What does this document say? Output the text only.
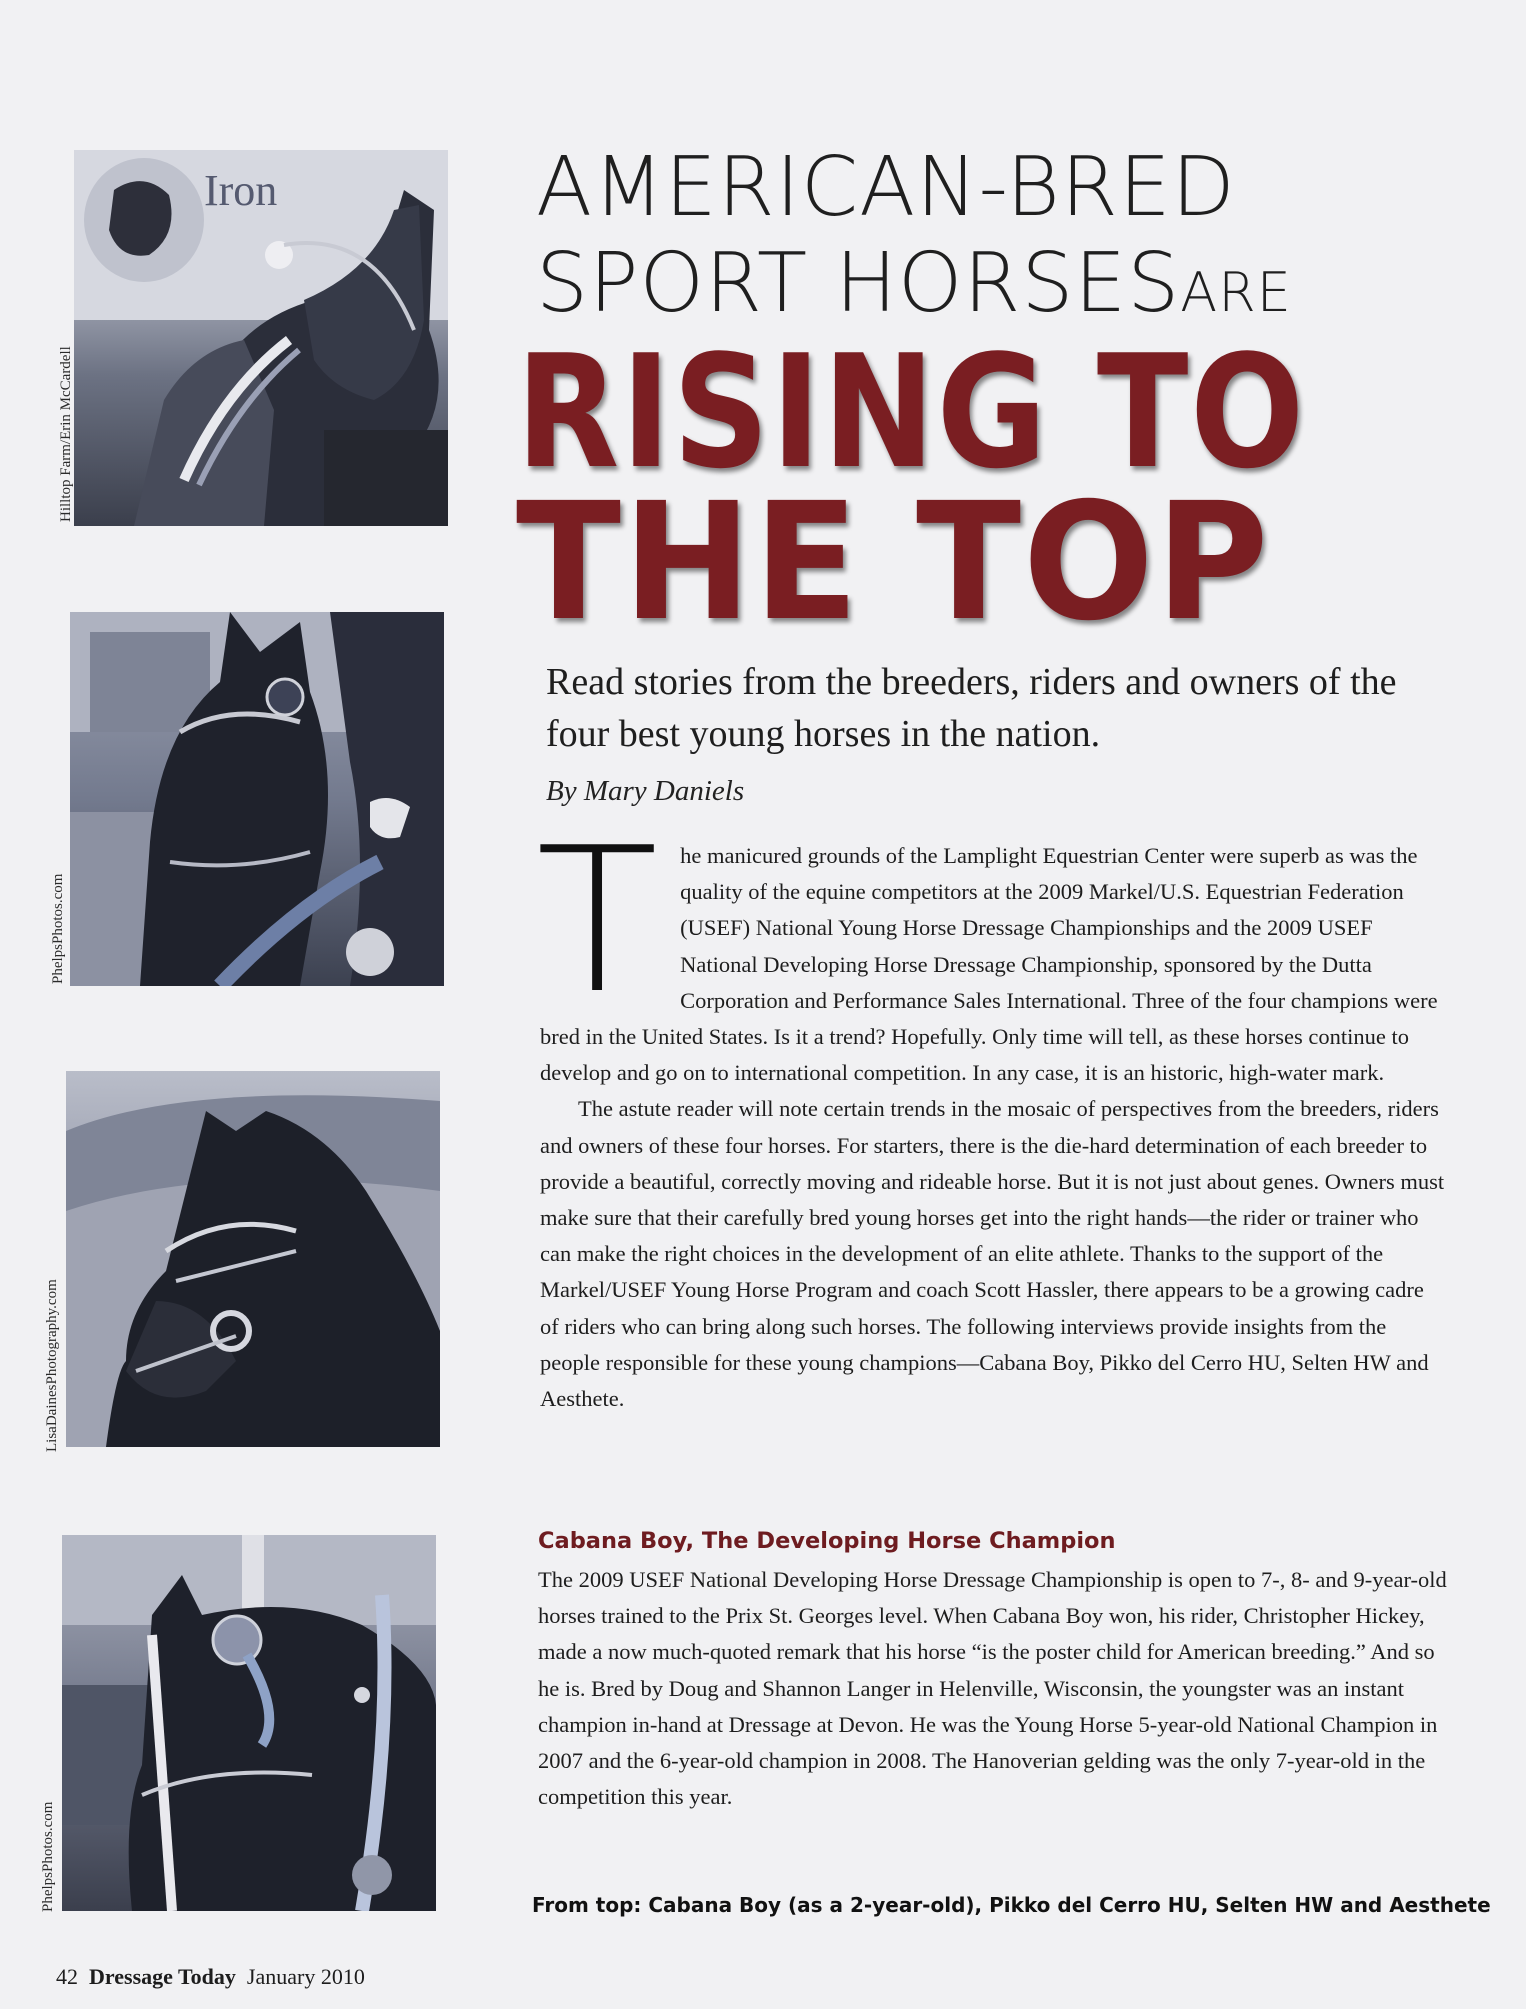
Iron
Hilltop Farm/Erin McCardell
PhelpsPhotos.com
LisaDainesPhotography.com
PhelpsPhotos.com
AMERICAN-BRED
SPORT HORSESARE
RISING TO
THE TOP
Read stories from the breeders, riders and owners of the four best young horses in the nation.
By Mary Daniels

The manicured grounds of the Lamplight Equestrian Center were superb as was the quality of the equine competitors at the 2009 Markel/U.S. Equestrian Federation (USEF) National Young Horse Dressage Championships and the 2009 USEF National Developing Horse Dressage Championship, sponsored by the Dutta Corporation and Performance Sales International. Three of the four champions were bred in the United States. Is it a trend? Hopefully. Only time will tell, as these horses continue to develop and go on to international competition. In any case, it is an historic, high-water mark.

The astute reader will note certain trends in the mosaic of perspectives from the breeders, riders and owners of these four horses. For starters, there is the die-hard determination of each breeder to provide a beautiful, correctly moving and rideable horse. But it is not just about genes. Owners must make sure that their carefully bred young horses get into the right hands—the rider or trainer who can make the right choices in the development of an elite athlete. Thanks to the support of the Markel/USEF Young Horse Program and coach Scott Hassler, there appears to be a growing cadre of riders who can bring along such horses. The following interviews provide insights from the people responsible for these young champions—Cabana Boy, Pikko del Cerro HU, Selten HW and Aesthete.

Cabana Boy, The Developing Horse Champion

The 2009 USEF National Developing Horse Dressage Championship is open to 7-, 8- and 9-year-old horses trained to the Prix St. Georges level. When Cabana Boy won, his rider, Christopher Hickey, made a now much-quoted remark that his horse “is the poster child for American breeding.” And so he is. Bred by Doug and Shannon Langer in Helenville, Wisconsin, the youngster was an instant champion in-hand at Dressage at Devon. He was the Young Horse 5-year-old National Champion in 2007 and the 6-year-old champion in 2008. The Hanoverian gelding was the only 7-year-old in the competition this year.

From top: Cabana Boy (as a 2-year-old), Pikko del Cerro HU, Selten HW and Aesthete
42 Dressage Today January 2010
